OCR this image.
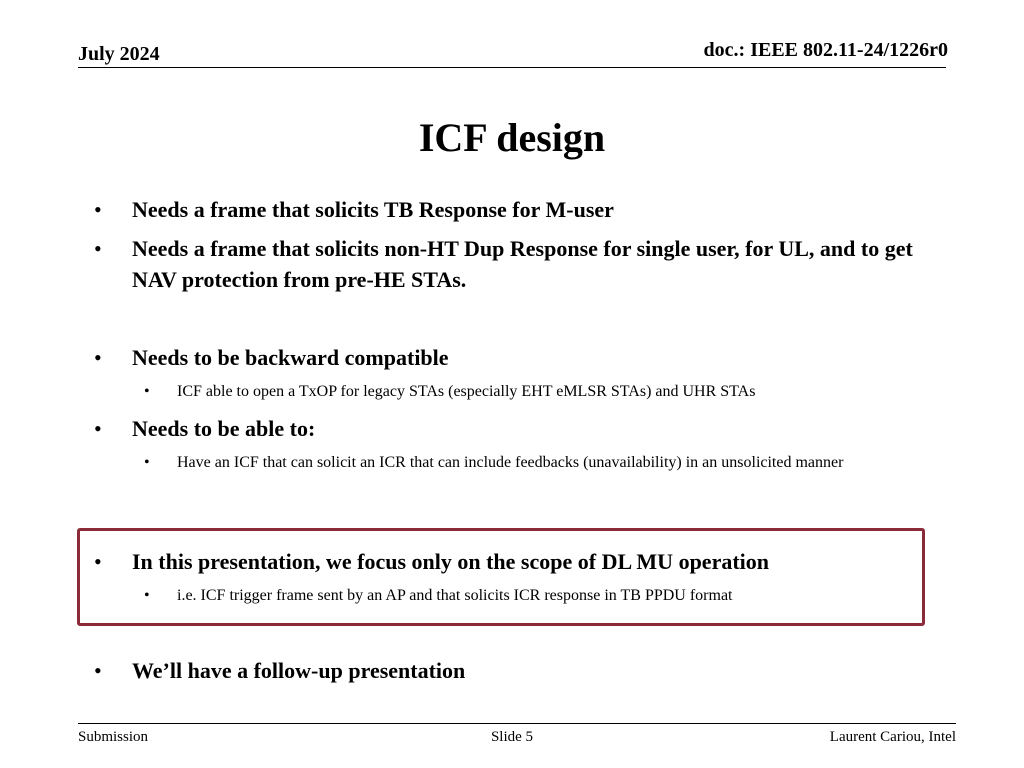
July 2024	doc.: IEEE 802.11-24/1226r0
ICF design
• Needs a frame that solicits TB Response for M-user
• Needs a frame that solicits non-HT Dup Response for single user, for UL, and to get NAV protection from pre-HE STAs.
• Needs to be backward compatible
• ICF able to open a TxOP for legacy STAs (especially EHT eMLSR STAs) and UHR STAs
• Needs to be able to:
• Have an ICF that can solicit an ICR that can include feedbacks (unavailability) in an unsolicited manner
• In this presentation, we focus only on the scope of DL MU operation
• i.e. ICF trigger frame sent by an AP and that solicits ICR response in TB PPDU format
• We’ll have a follow-up presentation
Submission	Slide 5	Laurent Cariou, Intel
